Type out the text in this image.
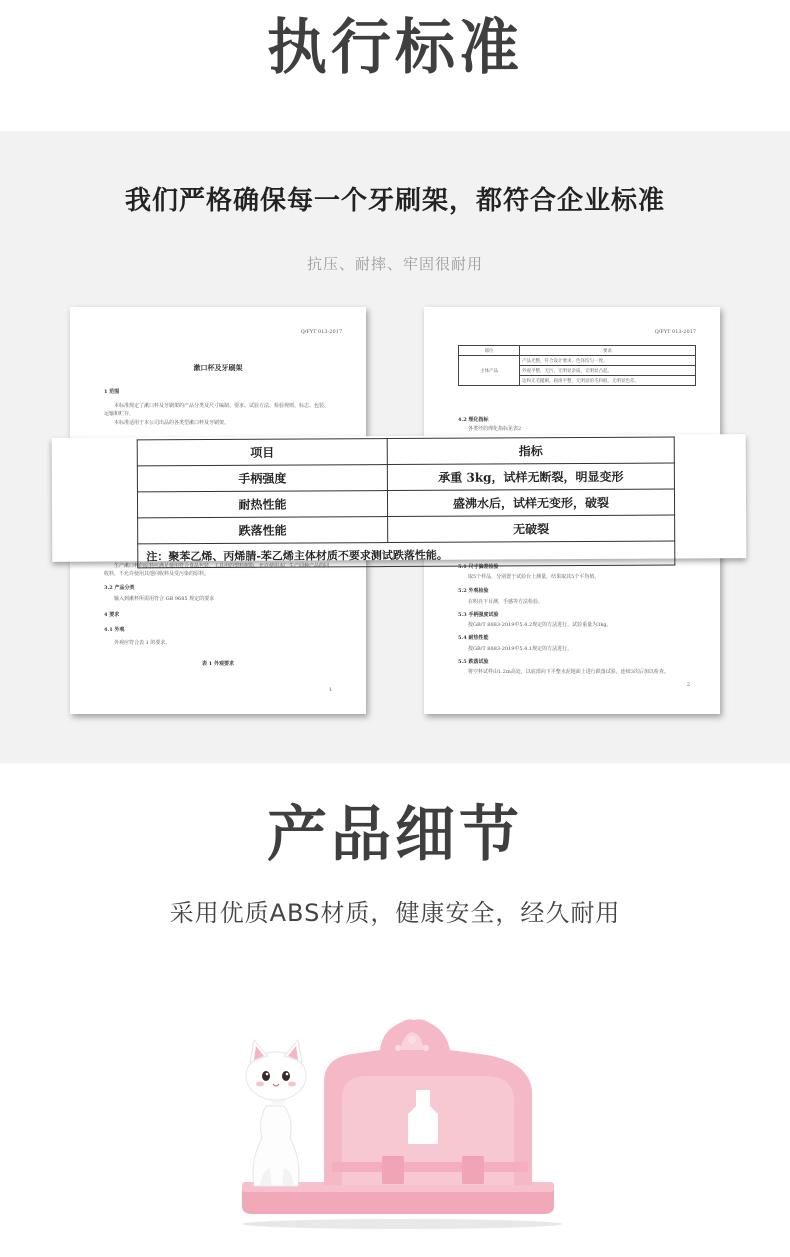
执行标准
我们严格确保每一个牙刷架，都符合企业标准
抗压、耐摔、牢固很耐用
Q/FYT 013-2017
漱口杯及牙刷架
1 范围
本标准规定了漱口杯及牙刷架的产品分类及尺寸编制、要求、试验方法、检验规则、标志、包装、
运输和贮存。
本标准适用于本公司出品的各类型漱口杯及牙刷架。
生产漱口杯的原料应满足使用符合食品包装、工具用的塑料树脂，允许使用本厂生产同种产品的回
收料，不允许使用其他回收料及受污染的原料。
3.2 产品分类
输入到漱杯所需用符合 GB 9685 规定的要求
4 要求
4.1 外观
外观应符合表 1 的要求。
表 1 外观要求
1
Q/FYT 013-2017
部位	要求
主体产品	产品光整，符合设计要求，色泽均匀一致。
	外观平整，无污，无明显杂质，无明显凸起。
	边和无毛糙刺，圆滑平整，无明显的毛料痕，无明显色差。
4.2 理化指标
各类坯的理化指标见表2
5.1 尺寸偏差检验
取5个样品，分别置于试验台上测量，结果取其5个平均值。
5.2 外观检验
在明亮下目测，手感等方法检验。
5.3 手柄强度试验
按GB/T 8883-2019中5.4.2规定的方法进行，试验重量为3kg。
5.4 耐热性能
按GB/T 8883-2019中5.4.1规定的方法进行。
5.5 跌落试验
将空杯试样由1.2m高处，以底部向下平整水泥地面上进行跌落试验，连续3次后加以检查。
2
项目	指标
手柄强度	承重 3kg，试样无断裂，明显变形
耐热性能	盛沸水后，试样无变形，破裂
跌落性能	无破裂
注：聚苯乙烯、丙烯腈-苯乙烯主体材质不要求测试跌落性能。	
产品细节
采用优质ABS材质，健康安全，经久耐用
